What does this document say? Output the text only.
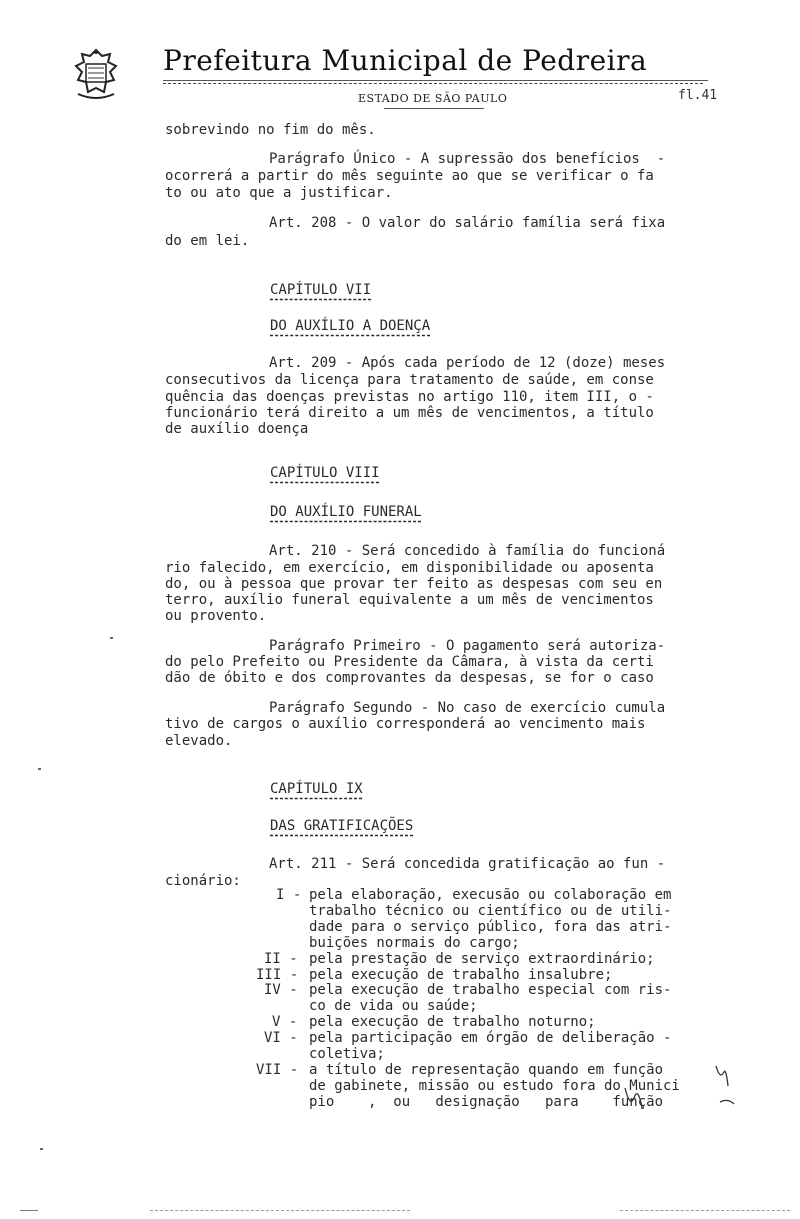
Prefeitura Municipal de Pedreira
ESTADO DE SÃO PAULO	fl.41
sobrevindo no fim do mês.
Parágrafo Único - A supressão dos benefícios  -
ocorrerá a partir do mês seguinte ao que se verificar o fa
to ou ato que a justificar.
Art. 208 - O valor do salário família será fixa
do em lei.
CAPÍTULO VII
DO AUXÍLIO A DOENÇA
Art. 209 - Após cada período de 12 (doze) meses
consecutivos da licença para tratamento de saúde, em conse
quência das doenças previstas no artigo 110, item III, o -
funcionário terá direito a um mês de vencimentos, a título
de auxílio doença
CAPÍTULO VIII
DO AUXÍLIO FUNERAL
Art. 210 - Será concedido à família do funcioná
rio falecido, em exercício, em disponibilidade ou aposenta
do, ou à pessoa que provar ter feito as despesas com seu en
terro, auxílio funeral equivalente a um mês de vencimentos
ou provento.
Parágrafo Primeiro - O pagamento será autoriza-
do pelo Prefeito ou Presidente da Câmara, à vista da certi
dão de óbito e dos comprovantes da despesas, se for o caso
Parágrafo Segundo - No caso de exercício cumula
tivo de cargos o auxílio corresponderá ao vencimento mais
elevado.
CAPÍTULO IX
DAS GRATIFICAÇÕES
Art. 211 - Será concedida gratificação ao fun -
cionário:
I - pela elaboração, execusão ou colaboração em
trabalho técnico ou científico ou de utili-
dade para o serviço público, fora das atri-
buições normais do cargo;
II - pela prestação de serviço extraordinário;
III - pela execução de trabalho insalubre;
IV - pela execução de trabalho especial com ris-
co de vida ou saúde;
V - pela execução de trabalho noturno;
VI - pela participação em órgão de deliberação -
coletiva;
VII - a título de representação quando em função
de gabinete, missão ou estudo fora do Munici
pio    ,  ou   designação   para    função
